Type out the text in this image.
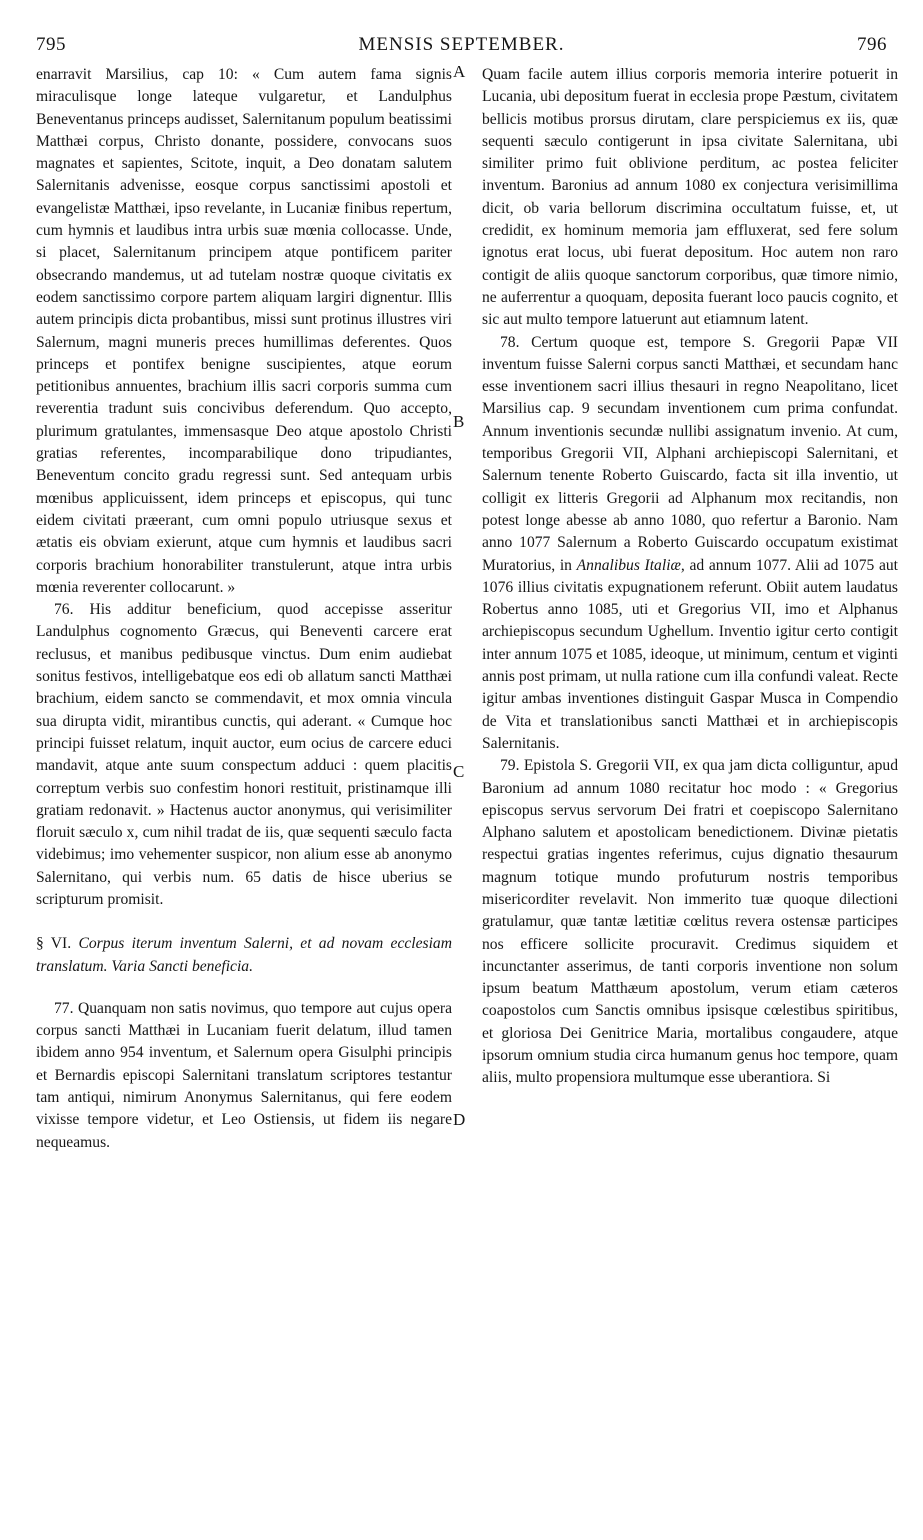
795	MENSIS SEPTEMBER.	796
A
B
C
D

enarravit Marsilius, cap 10: « Cum autem fama signis miraculisque longe lateque vulgaretur, et Landulphus Beneventanus princeps audisset, Salernitanum populum beatissimi Matthæi corpus, Christo donante, possidere, convocans suos magnates et sapientes, Scitote, inquit, a Deo donatam salutem Salernitanis advenisse, eosque corpus sanctissimi apostoli et evangelistæ Matthæi, ipso revelante, in Lucaniæ finibus repertum, cum hymnis et laudibus intra urbis suæ mœnia collocasse. Unde, si placet, Salernitanum principem atque pontificem pariter obsecrando mandemus, ut ad tutelam nostræ quoque civitatis ex eodem sanctissimo corpore partem aliquam largiri dignentur. Illis autem principis dicta probantibus, missi sunt protinus illustres viri Salernum, magni muneris preces humillimas deferentes. Quos princeps et pontifex benigne suscipientes, atque eorum petitionibus annuentes, brachium illis sacri corporis summa cum reverentia tradunt suis concivibus deferendum. Quo accepto, plurimum gratulantes, immensasque Deo atque apostolo Christi gratias referentes, incomparabilique dono tripudiantes, Beneventum concito gradu regressi sunt. Sed antequam urbis mœnibus applicuissent, idem princeps et episcopus, qui tunc eidem civitati præerant, cum omni populo utriusque sexus et ætatis eis obviam exierunt, atque cum hymnis et laudibus sacri corporis brachium honorabiliter transtulerunt, atque intra urbis mœnia reverenter collocarunt. »

76. His additur beneficium, quod accepisse asseritur Landulphus cognomento Græcus, qui Beneventi carcere erat reclusus, et manibus pedibusque vinctus. Dum enim audiebat sonitus festivos, intelligebatque eos edi ob allatum sancti Matthæi brachium, eidem sancto se commendavit, et mox omnia vincula sua dirupta vidit, mirantibus cunctis, qui aderant. « Cumque hoc principi fuisset relatum, inquit auctor, eum ocius de carcere educi mandavit, atque ante suum conspectum adduci : quem placitis correptum verbis suo confestim honori restituit, pristinamque illi gratiam redonavit. » Hactenus auctor anonymus, qui verisimiliter floruit sæculo x, cum nihil tradat de iis, quæ sequenti sæculo facta videbimus; imo vehementer suspicor, non alium esse ab anonymo Salernitano, qui verbis num. 65 datis de hisce uberius se scripturum promisit.

§ VI. Corpus iterum inventum Salerni, et ad novam ecclesiam translatum. Varia Sancti beneficia.

77. Quanquam non satis novimus, quo tempore aut cujus opera corpus sancti Matthæi in Lucaniam fuerit delatum, illud tamen ibidem anno 954 inventum, et Salernum opera Gisulphi principis et Bernardis episcopi Salernitani translatum scriptores testantur tam antiqui, nimirum Anonymus Salernitanus, qui fere eodem vixisse tempore videtur, et Leo Ostiensis, ut fidem iis negare nequeamus.

Quam facile autem illius corporis memoria interire potuerit in Lucania, ubi depositum fuerat in ecclesia prope Pæstum, civitatem bellicis motibus prorsus dirutam, clare perspiciemus ex iis, quæ sequenti sæculo contigerunt in ipsa civitate Salernitana, ubi similiter primo fuit oblivione perditum, ac postea feliciter inventum. Baronius ad annum 1080 ex conjectura verisimillima dicit, ob varia bellorum discrimina occultatum fuisse, et, ut credidit, ex hominum memoria jam effluxerat, sed fere solum ignotus erat locus, ubi fuerat depositum. Hoc autem non raro contigit de aliis quoque sanctorum corporibus, quæ timore nimio, ne auferrentur a quoquam, deposita fuerant loco paucis cognito, et sic aut multo tempore latuerunt aut etiamnum latent.

78. Certum quoque est, tempore S. Gregorii Papæ VII inventum fuisse Salerni corpus sancti Matthæi, et secundam hanc esse inventionem sacri illius thesauri in regno Neapolitano, licet Marsilius cap. 9 secundam inventionem cum prima confundat. Annum inventionis secundæ nullibi assignatum invenio. At cum, temporibus Gregorii VII, Alphani archiepiscopi Salernitani, et Salernum tenente Roberto Guiscardo, facta sit illa inventio, ut colligit ex litteris Gregorii ad Alphanum mox recitandis, non potest longe abesse ab anno 1080, quo refertur a Baronio. Nam anno 1077 Salernum a Roberto Guiscardo occupatum existimat Muratorius, in Annalibus Italiæ, ad annum 1077. Alii ad 1075 aut 1076 illius civitatis expugnationem referunt. Obiit autem laudatus Robertus anno 1085, uti et Gregorius VII, imo et Alphanus archiepiscopus secundum Ughellum. Inventio igitur certo contigit inter annum 1075 et 1085, ideoque, ut minimum, centum et viginti annis post primam, ut nulla ratione cum illa confundi valeat. Recte igitur ambas inventiones distinguit Gaspar Musca in Compendio de Vita et translationibus sancti Matthæi et in archiepiscopis Salernitanis.

79. Epistola S. Gregorii VII, ex qua jam dicta colliguntur, apud Baronium ad annum 1080 recitatur hoc modo : « Gregorius episcopus servus servorum Dei fratri et coepiscopo Salernitano Alphano salutem et apostolicam benedictionem. Divinæ pietatis respectui gratias ingentes referimus, cujus dignatio thesaurum magnum totique mundo profuturum nostris temporibus misericorditer revelavit. Non immerito tuæ quoque dilectioni gratulamur, quæ tantæ lætitiæ cœlitus revera ostensæ participes nos efficere sollicite procuravit. Credimus siquidem et incunctanter asserimus, de tanti corporis inventione non solum ipsum beatum Matthæum apostolum, verum etiam cæteros coapostolos cum Sanctis omnibus ipsisque cœlestibus spiritibus, et gloriosa Dei Genitrice Maria, mortalibus congaudere, atque ipsorum omnium studia circa humanum genus hoc tempore, quam aliis, multo propensiora multumque esse uberantiora. Si
